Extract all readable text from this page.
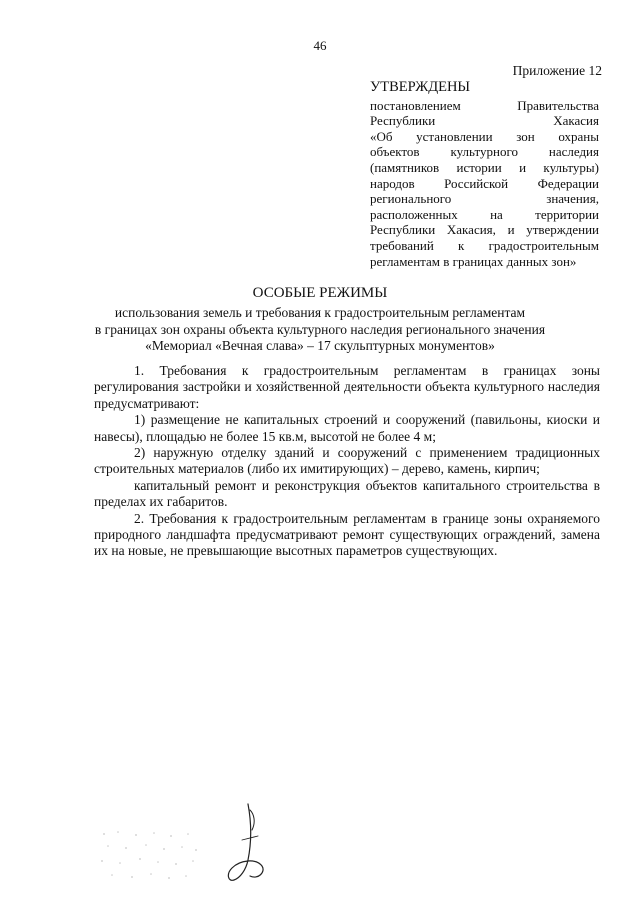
46
Приложение 12
УТВЕРЖДЕНЫ
постановлением Правительства
Республики Хакасия
«Об установлении зон охраны
объектов культурного наследия
(памятников истории и культуры)
народов Российской Федерации
регионального значения,
расположенных на территории
Республики Хакасия, и утверждении
требований к градостроительным
регламентам в границах данных зон»
ОСОБЫЕ РЕЖИМЫ
использования земель и требования к градостроительным регламентам
в границах зон охраны объекта культурного наследия регионального значения
«Мемориал «Вечная слава» – 17 скульптурных монументов»

1. Требования к градостроительным регламентам в границах зоны регулирования застройки и хозяйственной деятельности объекта культурного наследия предусматривают:

1) размещение не капитальных строений и сооружений (павильоны, киоски и навесы), площадью не более 15 кв.м, высотой не более 4 м;

2) наружную отделку зданий и сооружений с применением традиционных строительных материалов (либо их имитирующих) – дерево, камень, кирпич;

капитальный ремонт и реконструкция объектов капитального строительства в пределах их габаритов.

2. Требования к градостроительным регламентам в границе зоны охраняемого природного ландшафта предусматривают ремонт существующих ограждений, замена их на новые, не превышающие высотных параметров существующих.
